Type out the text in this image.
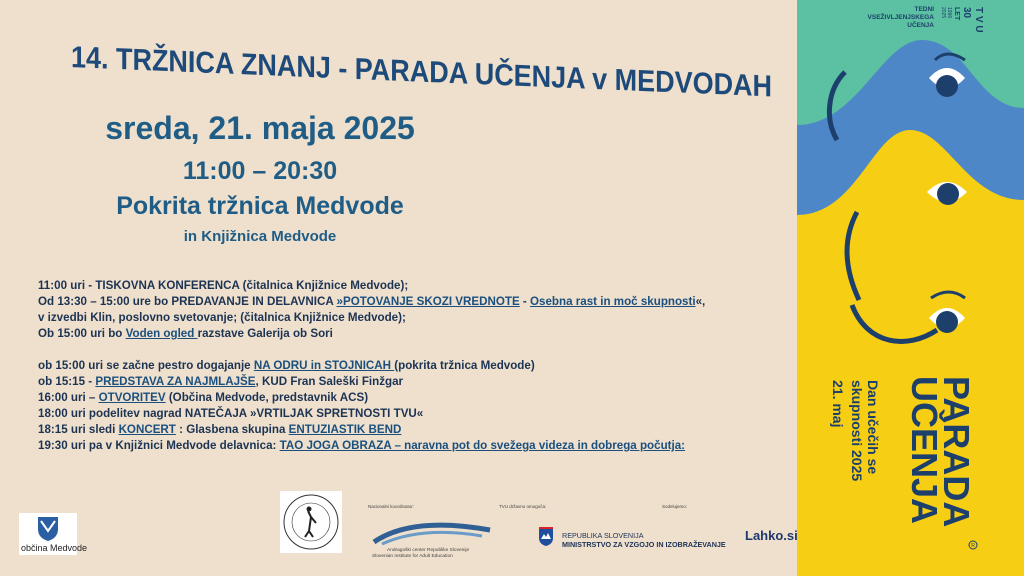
14. TRŽNICA ZNANJ - PARADA UČENJA v MEDVODAH
sreda, 21. maja 2025
11:00 – 20:30
Pokrita tržnica Medvode
in Knjižnica Medvode
11:00 uri - TISKOVNA KONFERENCA (čitalnica Knjižnice Medvode);
Od 13:30 – 15:00 ure bo PREDAVANJE IN DELAVNICA »POTOVANJE SKOZI VREDNOTE - Osebna rast in moč skupnosti«,
v izvedbi Klin, poslovno svetovanje; (čitalnica Knjižnice Medvode);
Ob 15:00 uri bo Voden ogled razstave Galerija ob Sori
ob 15:00 uri se začne pestro dogajanje NA ODRU in STOJNICAH (pokrita tržnica Medvode)
ob 15:15 - PREDSTAVA ZA NAJMLAJŠE, KUD Fran Saleški Finžgar
16:00 uri – OTVORITEV (Občina Medvode, predstavnik ACS)
18:00 uri podelitev nagrad NATEČAJA »VRTILJAK SPRETNOSTI TVU«
18:15 uri sledi KONCERT : Glasbena skupina ENTUZIASTIK BEND
19:30 uri pa v Knjižnici Medvode delavnica: TAO JOGA OBRAZA – naravna pot do svežega videza in dobrega počutja:
R
TEDNI
VSEŽIVLJENJSKEGA
UČENJA	T V U
30
LET
1996
2025
PARADA
UČENJA
Dan učečih se
skupnosti 2025
21. maj
občina Medvode
Nacionalni koordinator:	TVU državno omogoča:	Sodelujemo:
Andragoški center Republike Slovenije
Slovenian Institute for Adult Education
REPUBLIKA SLOVENIJA
MINISTRSTVO ZA VZGOJO IN IZOBRAŽEVANJE
Lahko.si
